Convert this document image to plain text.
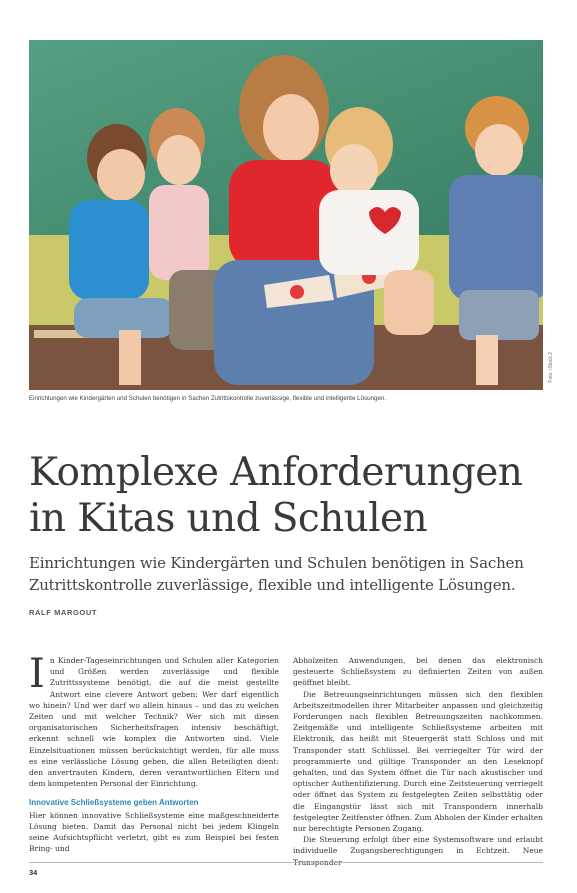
Foto: iStock.2
Einrichtungen wie Kindergärten und Schulen benötigen in Sachen Zutrittskontrolle zuverlässige, flexible und intelligente Lösungen.
Komplexe Anforderungen
in Kitas und Schulen

Einrichtungen wie Kindergärten und Schulen benötigen in Sachen Zutrittskontrolle zuverlässige, flexible und intelligente Lösungen.

RALF MARGOUT

In Kinder-Tageseinrichtungen und Schulen aller Kategorien und Größen werden zuverlässige und flexible Zutrittssysteme benötigt, die auf die meist gestellte Antwort eine clevere Antwort geben: Wer darf eigentlich wo hinein? Und wer darf wo allein hinaus – und das zu welchen Zeiten und mit welcher Technik? Wer sich mit diesen organisatorischen Sicherheitsfragen intensiv beschäftigt, erkennt schnell wie komplex die Antworten sind. Viele Einzelsituationen müssen berücksichtigt werden, für alle muss es eine verlässliche Lösung geben, die allen Beteiligten dient: den anvertrauten Kindern, deren verantwortlichen Eltern und dem kompetenten Personal der Einrichtung.

Innovative Schließsysteme geben Antworten

Hier können innovative Schließsysteme eine maßgeschneiderte Lösung bieten. Damit das Personal nicht bei jedem Klingeln seine Aufsichtspflicht verletzt, gibt es zum Beispiel bei festen Bring- und

Abholzeiten Anwendungen, bei denen das elektronisch gesteuerte Schließsystem zu definierten Zeiten von außen geöffnet bleibt.

Die Betreuungseinrichtungen müssen sich den flexiblen Arbeitszeitmodellen ihrer Mitarbeiter anpassen und gleichzeitig Forderungen nach flexiblen Betreuungszeiten nachkommen. Zeitgemäße und intelligente Schließsysteme arbeiten mit Elektronik, das heißt mit Steuergerät statt Schloss und mit Transponder statt Schlüssel. Bei verriegelter Tür wird der programmierte und gültige Transponder an den Leseknopf gehalten, und das System öffnet die Tür nach akustischer und optischer Authentifizierung. Durch eine Zeitsteuerung verriegelt oder öffnet das System zu festgelegten Zeiten selbsttätig oder die Eingangstür lässt sich mit Transpondern innerhalb festgelegter Zeitfenster öffnen. Zum Abholen der Kinder erhalten nur berechtigte Personen Zugang.

Die Steuerung erfolgt über eine Systemsoftware und erlaubt individuelle Zugangsberechtigungen in Echtzeit. Neue

34
